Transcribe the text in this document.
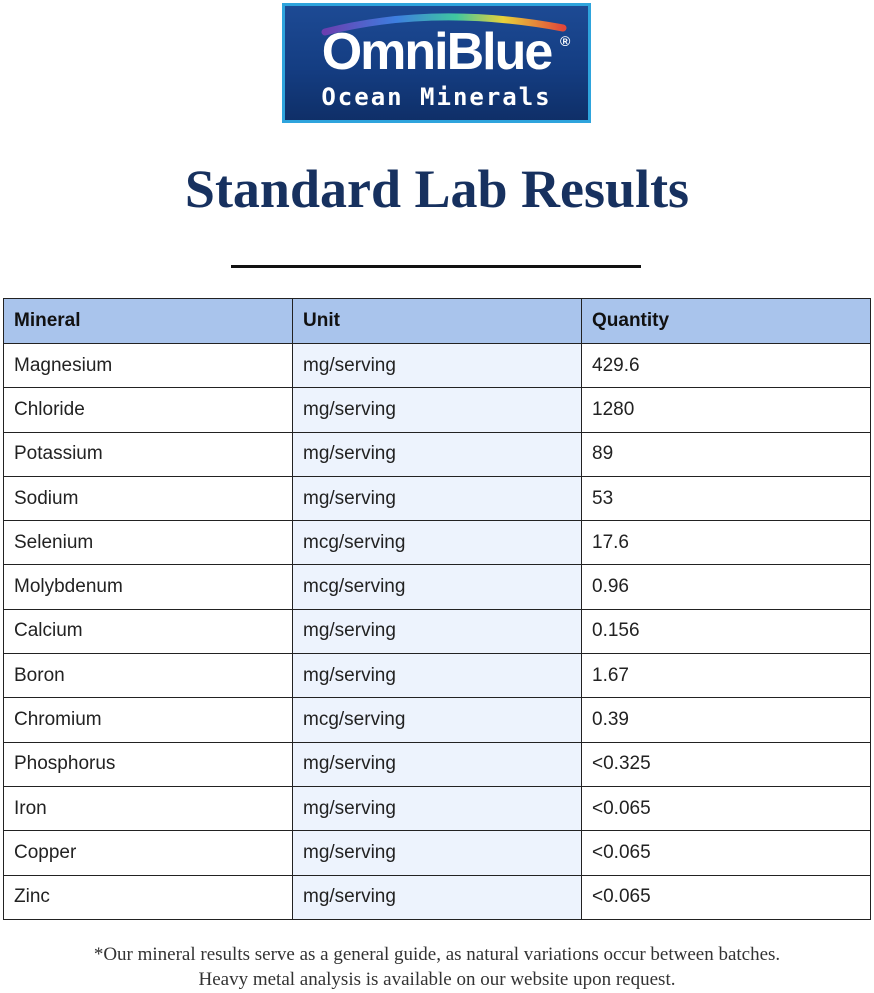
OmniBlue
Ocean Minerals
®
Standard Lab Results
Mineral	Unit	Quantity
Magnesium	mg/serving	429.6
Chloride	mg/serving	1280
Potassium	mg/serving	89
Sodium	mg/serving	53
Selenium	mcg/serving	17.6
Molybdenum	mcg/serving	0.96
Calcium	mg/serving	0.156
Boron	mg/serving	1.67
Chromium	mcg/serving	0.39
Phosphorus	mg/serving	<0.325
Iron	mg/serving	<0.065
Copper	mg/serving	<0.065
Zinc	mg/serving	<0.065
*Our mineral results serve as a general guide, as natural variations occur between batches.
Heavy metal analysis is available on our website upon request.
